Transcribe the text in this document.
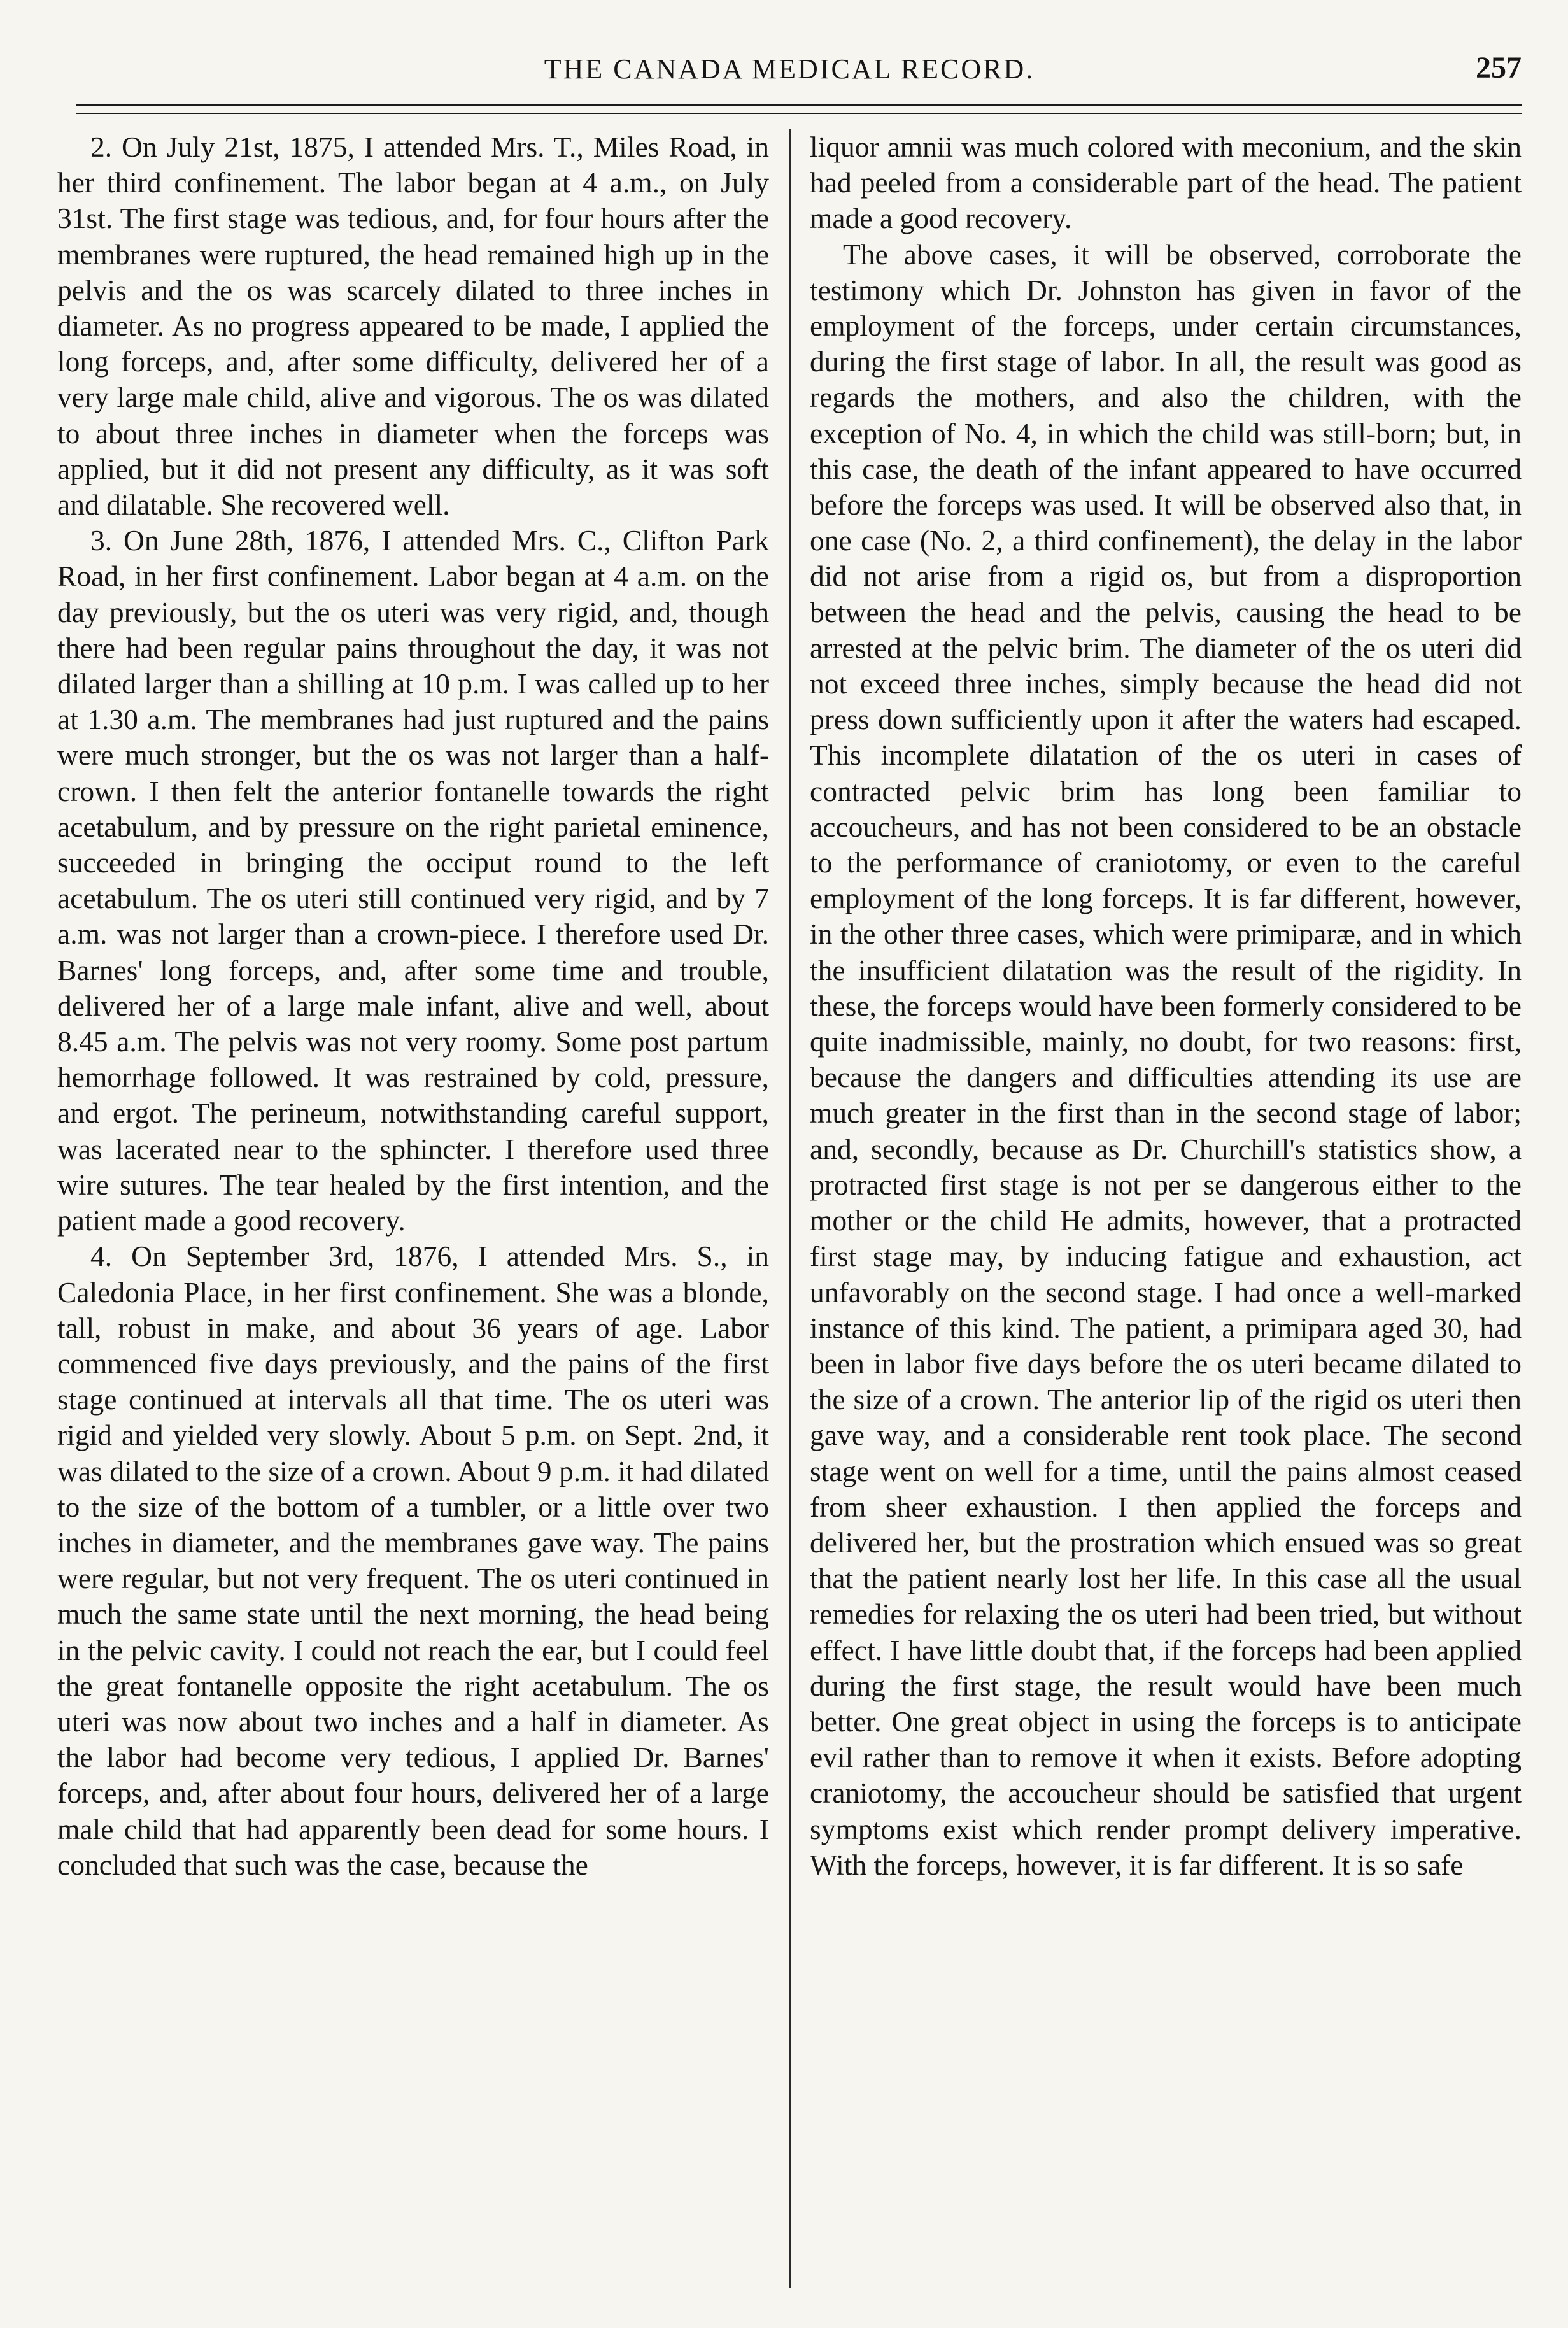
THE CANADA MEDICAL RECORD.	257

2. On July 21st, 1875, I attended Mrs. T., Miles Road, in her third confinement. The labor began at 4 a.m., on July 31st. The first stage was tedious, and, for four hours after the membranes were ruptured, the head remained high up in the pelvis and the os was scarcely dilated to three inches in diameter. As no progress appeared to be made, I applied the long forceps, and, after some difficulty, delivered her of a very large male child, alive and vigorous. The os was dilated to about three inches in diameter when the forceps was applied, but it did not present any difficulty, as it was soft and dilatable. She recovered well.

3. On June 28th, 1876, I attended Mrs. C., Clifton Park Road, in her first confinement. Labor began at 4 a.m. on the day previously, but the os uteri was very rigid, and, though there had been regular pains throughout the day, it was not dilated larger than a shilling at 10 p.m. I was called up to her at 1.30 a.m. The membranes had just ruptured and the pains were much stronger, but the os was not larger than a half-crown. I then felt the anterior fontanelle towards the right acetabulum, and by pressure on the right parietal eminence, succeeded in bringing the occiput round to the left acetabulum. The os uteri still continued very rigid, and by 7 a.m. was not larger than a crown-piece. I therefore used Dr. Barnes' long forceps, and, after some time and trouble, delivered her of a large male infant, alive and well, about 8.45 a.m. The pelvis was not very roomy. Some post partum hemorrhage followed. It was restrained by cold, pressure, and ergot. The perineum, notwithstanding careful support, was lacerated near to the sphincter. I therefore used three wire sutures. The tear healed by the first intention, and the patient made a good recovery.

4. On September 3rd, 1876, I attended Mrs. S., in Caledonia Place, in her first confinement. She was a blonde, tall, robust in make, and about 36 years of age. Labor commenced five days previously, and the pains of the first stage continued at intervals all that time. The os uteri was rigid and yielded very slowly. About 5 p.m. on Sept. 2nd, it was dilated to the size of a crown. About 9 p.m. it had dilated to the size of the bottom of a tumbler, or a little over two inches in diameter, and the membranes gave way. The pains were regular, but not very frequent. The os uteri continued in much the same state until the next morning, the head being in the pelvic cavity. I could not reach the ear, but I could feel the great fontanelle opposite the right acetabulum. The os uteri was now about two inches and a half in diameter. As the labor had become very tedious, I applied Dr. Barnes' forceps, and, after about four hours, delivered her of a large male child that had apparently been dead for some hours. I concluded that such was the case, because the

liquor amnii was much colored with meconium, and the skin had peeled from a considerable part of the head. The patient made a good recovery.

The above cases, it will be observed, corroborate the testimony which Dr. Johnston has given in favor of the employment of the forceps, under certain circumstances, during the first stage of labor. In all, the result was good as regards the mothers, and also the children, with the exception of No. 4, in which the child was still-born; but, in this case, the death of the infant appeared to have occurred before the forceps was used. It will be observed also that, in one case (No. 2, a third confinement), the delay in the labor did not arise from a rigid os, but from a disproportion between the head and the pelvis, causing the head to be arrested at the pelvic brim. The diameter of the os uteri did not exceed three inches, simply because the head did not press down sufficiently upon it after the waters had escaped. This incomplete dilatation of the os uteri in cases of contracted pelvic brim has long been familiar to accoucheurs, and has not been considered to be an obstacle to the performance of craniotomy, or even to the careful employment of the long forceps. It is far different, however, in the other three cases, which were primiparæ, and in which the insufficient dilatation was the result of the rigidity. In these, the forceps would have been formerly considered to be quite inadmissible, mainly, no doubt, for two reasons: first, because the dangers and difficulties attending its use are much greater in the first than in the second stage of labor; and, secondly, because as Dr. Churchill's statistics show, a protracted first stage is not per se dangerous either to the mother or the child He admits, however, that a protracted first stage may, by inducing fatigue and exhaustion, act unfavorably on the second stage. I had once a well-marked instance of this kind. The patient, a primipara aged 30, had been in labor five days before the os uteri became dilated to the size of a crown. The anterior lip of the rigid os uteri then gave way, and a considerable rent took place. The second stage went on well for a time, until the pains almost ceased from sheer exhaustion. I then applied the forceps and delivered her, but the prostration which ensued was so great that the patient nearly lost her life. In this case all the usual remedies for relaxing the os uteri had been tried, but without effect. I have little doubt that, if the forceps had been applied during the first stage, the result would have been much better. One great object in using the forceps is to anticipate evil rather than to remove it when it exists. Before adopting craniotomy, the accoucheur should be satisfied that urgent symptoms exist which render prompt delivery imperative. With the forceps, however, it is far different. It is so safe
